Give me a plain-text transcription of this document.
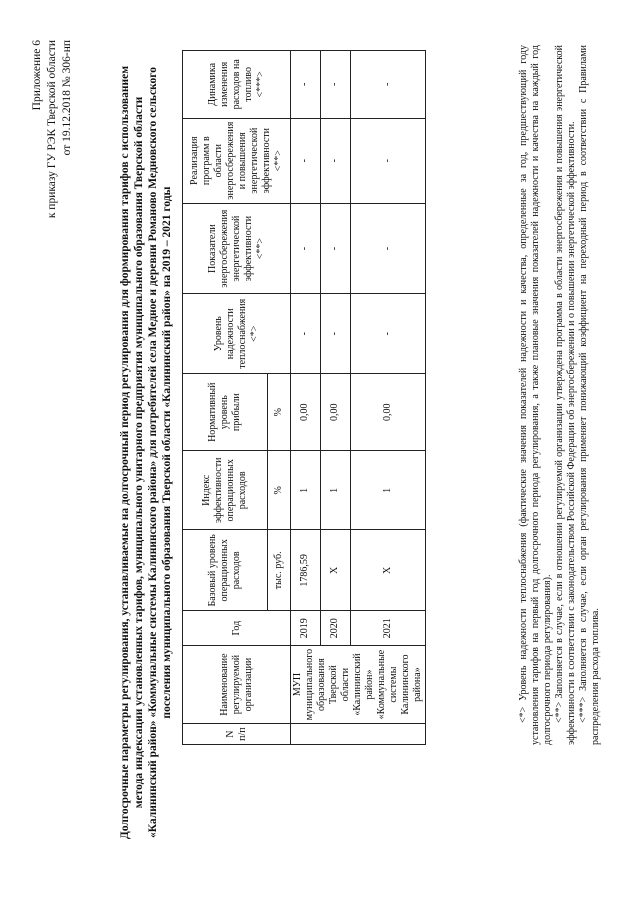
Приложение 6 к приказу ГУ РЭК Тверской области от 19.12.2018 № 306-нп	Долгосрочные параметры регулирования, устанавливаемые на долгосрочный период регулирования для формирования тарифов с использованием метода индексации установленных тарифов, муниципального унитарного предприятия муниципального образования Тверской области «Калининский район» «Коммунальные системы Калининского района» для потребителей села Медное и деревни Романово Медновского сельского поселения муниципального образования Тверской области «Калининский район» на 2019 – 2021 годы
N п/п	Наименование регулируемой организации	Год	Базовый уровень операционных расходов	Индекс эффективности операционных расходов	Нормативный уровень прибыли	Уровень надежности теплоснабжения <*>	Показатели энергосбережения энергетической эффективности <**>	Реализация программ в области энергосбережения и повышения энергетической эффективности <**>	Динамика изменения расходов на топливо <***>
			тыс. руб.	%	%				
	МУП муниципального образования Тверской области «Калининский район» «Коммунальные системы Калининского района»	2019	1786,59	1	0,00	-	-	-	-
		2020	Х	1	0,00	-	-	-	-
		2021	Х	1	0,00	-	-	-	-	<*> Уровень надежности теплоснабжения (фактические значения показателей надежности и качества, определенные за год, предшествующий году установления тарифов на первый год долгосрочного периода регулирования, а также плановые значения показателей надежности и качества на каждый год долгосрочного периода регулирования). <**> Заполняется в случае, если в отношении регулируемой организации утверждена программа в области энергосбережения и повышения энергетической эффективности в соответствии с законодательством Российской Федерации об энергосбережении и о повышении энергетической эффективности. <***> Заполняется в случае, если орган регулирования применяет понижающий коэффициент на переходный период в соответствии с Правилами распределения расхода топлива.
